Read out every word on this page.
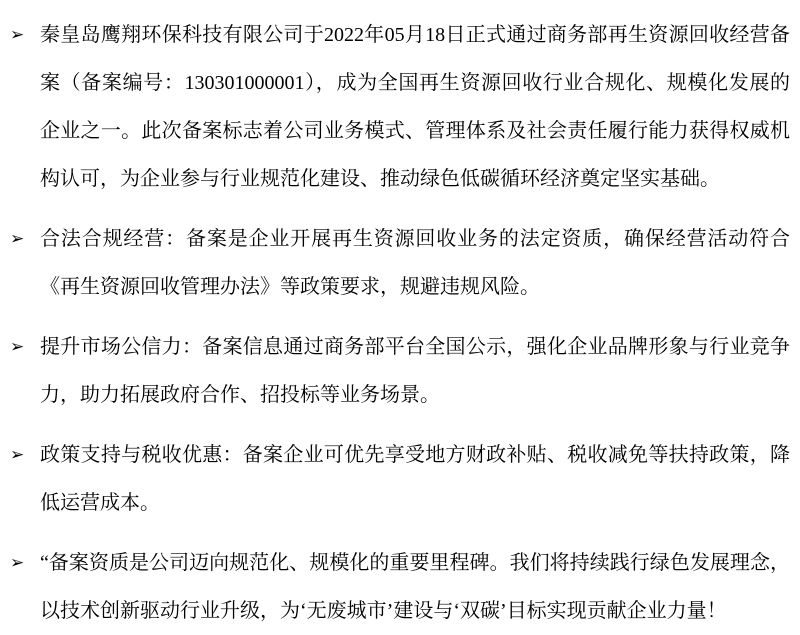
➢ 秦皇岛鹰翔环保科技有限公司于2022年05月18日正式通过商务部再生资源回收经营备
案（备案编号：130301000001），成为全国再生资源回收行业合规化、规模化发展的
企业之一。此次备案标志着公司业务模式、管理体系及社会责任履行能力获得权威机
构认可，为企业参与行业规范化建设、推动绿色低碳循环经济奠定坚实基础。
➢ 合法合规经营：备案是企业开展再生资源回收业务的法定资质，确保经营活动符合
《再生资源回收管理办法》等政策要求，规避违规风险。
➢ 提升市场公信力：备案信息通过商务部平台全国公示，强化企业品牌形象与行业竞争
力，助力拓展政府合作、招投标等业务场景。
➢ 政策支持与税收优惠：备案企业可优先享受地方财政补贴、税收减免等扶持政策，降
低运营成本。
➢ “备案资质是公司迈向规范化、规模化的重要里程碑。我们将持续践行绿色发展理念，
以技术创新驱动行业升级，为‘无废城市’建设与‘双碳’目标实现贡献企业力量！
